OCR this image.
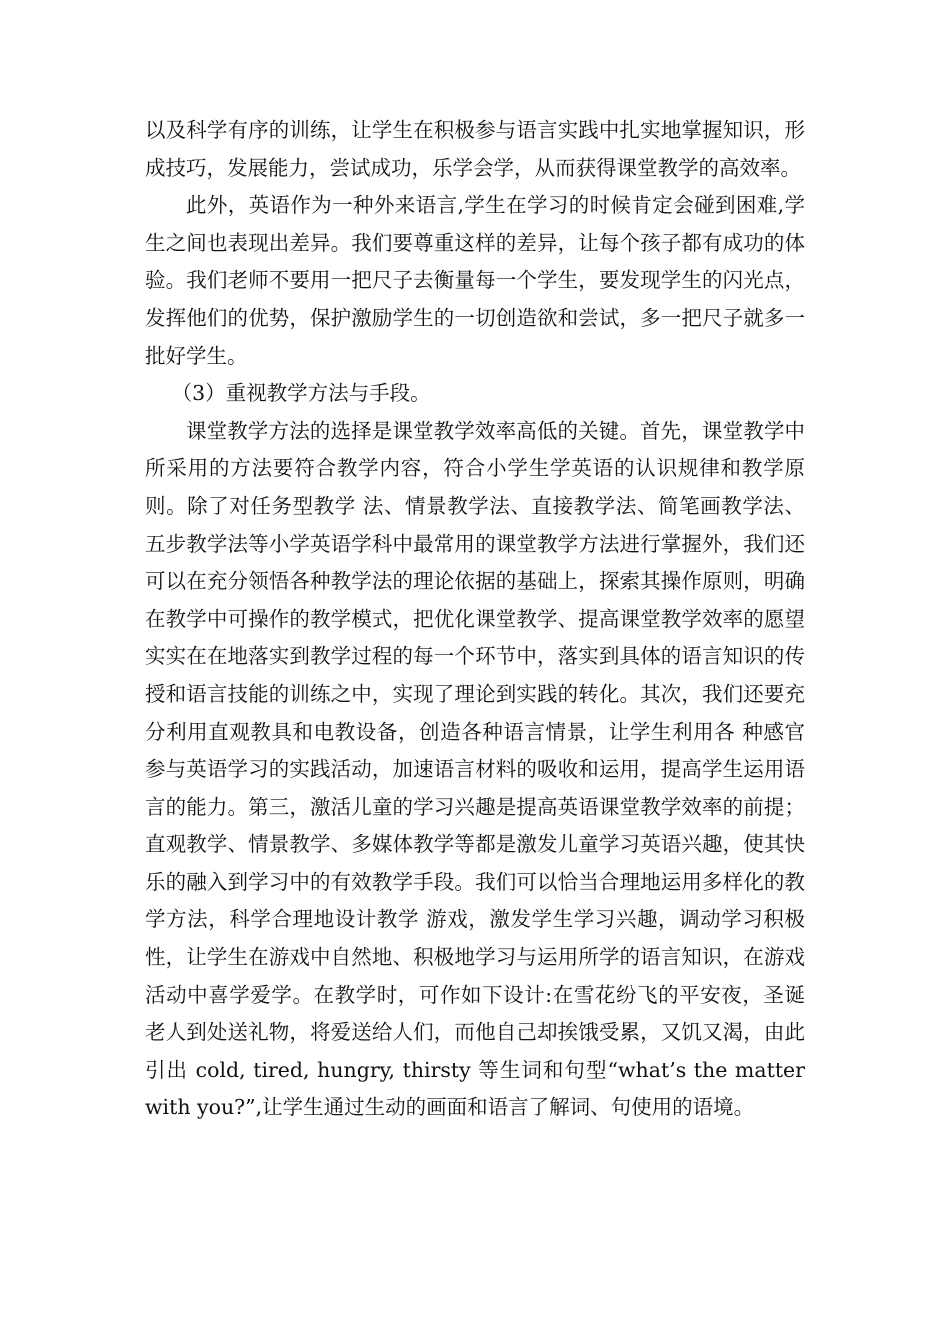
以及科学有序的训练，让学生在积极参与语言实践中扎实地掌握知识，形成技巧，发展能力，尝试成功，乐学会学，从而获得课堂教学的高效率。

此外，英语作为一种外来语言,学生在学习的时候肯定会碰到困难,学生之间也表现出差异。我们要尊重这样的差异，让每个孩子都有成功的体验。我们老师不要用一把尺子去衡量每一个学生，要发现学生的闪光点，发挥他们的优势，保护激励学生的一切创造欲和尝试，多一把尺子就多一批好学生。

（3）重视教学方法与手段。

课堂教学方法的选择是课堂教学效率高低的关键。首先，课堂教学中所采用的方法要符合教学内容，符合小学生学英语的认识规律和教学原则。除了对任务型教学 法、情景教学法、直接教学法、简笔画教学法、五步教学法等小学英语学科中最常用的课堂教学方法进行掌握外，我们还可以在充分领悟各种教学法的理论依据的基础上，探索其操作原则，明确在教学中可操作的教学模式，把优化课堂教学、提高课堂教学效率的愿望实实在在地落实到教学过程的每一个环节中，落实到具体的语言知识的传授和语言技能的训练之中，实现了理论到实践的转化。其次，我们还要充分利用直观教具和电教设备，创造各种语言情景，让学生利用各 种感官参与英语学习的实践活动，加速语言材料的吸收和运用，提高学生运用语言的能力。第三，激活儿童的学习兴趣是提高英语课堂教学效率的前提；直观教学、情景教学、多媒体教学等都是激发儿童学习英语兴趣，使其快乐的融入到学习中的有效教学手段。我们可以恰当合理地运用多样化的教学方法，科学合理地设计教学 游戏，激发学生学习兴趣，调动学习积极性，让学生在游戏中自然地、积极地学习与运用所学的语言知识，在游戏活动中喜学爱学。在教学时，可作如下设计:在雪花纷飞的平安夜，圣诞老人到处送礼物，将爱送给人们，而他自己却挨饿受累，又饥又渴，由此引出 cold, tired, hungry, thirsty 等生词和句型“what’s the matter with you?”,让学生通过生动的画面和语言了解词、句使用的语境。
